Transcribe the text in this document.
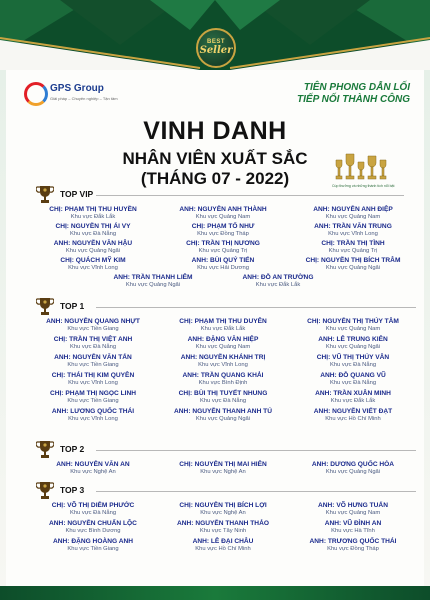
BEST
Seller
GPS Group
Giải pháp – Chuyên nghiệp – Tận tâm
TIÊN PHONG DẪN LỐI
TIẾP NỐI THÀNH CÔNG
VINH DANH
NHÂN VIÊN XUẤT SẮC
(THÁNG 07 - 2022)	Cúp thưởng và những thành tích nổi bật
TOP VIP
CHỊ: PHẠM THỊ THU HUYỀN
Khu vực Đắk Lắk
ANH: NGUYỄN ANH THÀNH
Khu vực Quảng Nam
ANH: NGUYỄN ANH ĐIỆP
Khu vực Quảng Nam
CHỊ: NGUYỄN THỊ ÁI VY
Khu vực Đà Nẵng
CHỊ: PHẠM TỐ NHƯ
Khu vực Đồng Tháp
ANH: TRẦN VĂN TRUNG
Khu vực Vĩnh Long
ANH: NGUYỄN VĂN HẬU
Khu vực Quảng Ngãi
CHỊ: TRẦN THỊ NƯƠNG
Khu vực Quảng Trị
CHỊ: TRẦN THỊ TÌNH
Khu vực Quảng Trị
CHỊ: QUÁCH MỸ KIM
Khu vực Vĩnh Long
ANH: BÙI QUÝ TIẾN
Khu vực Hải Dương
CHỊ: NGUYỄN THỊ BÍCH TRÂM
Khu vực Quảng Ngãi
ANH: TRẦN THANH LIÊM
Khu vực Quảng Ngãi
ANH: ĐỖ AN TRƯỜNG
Khu vực Đắk Lắk
TOP 1
ANH: NGUYỄN QUANG NHỰT
Khu vực Tiền Giang
CHỊ: PHẠM THỊ THU DUYÊN
Khu vực Đắk Lắk
CHỊ: NGUYỄN THỊ THÚY TÂM
Khu vực Quảng Nam
CHỊ: TRẦN THỊ VIỆT ANH
Khu vực Đà Nẵng
ANH: ĐẶNG VĂN HIỆP
Khu vực Quảng Nam
ANH: LÊ TRUNG KIÊN
Khu vực Quảng Ngãi
ANH: NGUYỄN VĂN TẤN
Khu vực Tiền Giang
ANH: NGUYỄN KHÁNH TRỊ
Khu vực Vĩnh Long
CHỊ: VŨ THỊ THÚY VÂN
Khu vực Đà Nẵng
CHỊ: THÁI THỊ KIM QUYÊN
Khu vực Vĩnh Long
ANH: TRẦN QUANG KHẢI
Khu vực Bình Định
ANH: ĐỖ QUANG VŨ
Khu vực Đà Nẵng
CHỊ: PHẠM THỊ NGỌC LINH
Khu vực Tiền Giang
CHỊ: BÙI THỊ TUYẾT NHUNG
Khu vực Đà Nẵng
ANH: TRẦN XUÂN MINH
Khu vực Đắk Lắk
ANH: LƯƠNG QUỐC THÁI
Khu vực Vĩnh Long
ANH: NGUYỄN THANH ANH TÚ
Khu vực Quảng Ngãi
ANH: NGUYỄN VIẾT ĐẠT
Khu vực Hồ Chí Minh
TOP 2
ANH: NGUYỄN VĂN AN
Khu vực Nghệ An
CHỊ: NGUYỄN THỊ MAI HIÊN
Khu vực Nghệ An
ANH: DƯƠNG QUỐC HÒA
Khu vực Quảng Ngãi
TOP 3
CHỊ: VÕ THỊ DIỄM PHƯỚC
Khu vực Đà Nẵng
CHỊ: NGUYỄN THỊ BÍCH LỢI
Khu vực Nghệ An
ANH: VÕ HƯNG TUẤN
Khu vực Quảng Nam
ANH: NGUYỄN CHUẨN LỘC
Khu vực Bình Dương
ANH: NGUYỄN THANH THẢO
Khu vực Tây Ninh
ANH: VŨ ĐÌNH AN
Khu vực Hà Tĩnh
ANH: ĐẶNG HOÀNG ANH
Khu vực Tiền Giang
ANH: LÊ ĐẠI CHÂU
Khu vực Hồ Chí Minh
ANH: TRƯƠNG QUỐC THÁI
Khu vực Đồng Tháp
